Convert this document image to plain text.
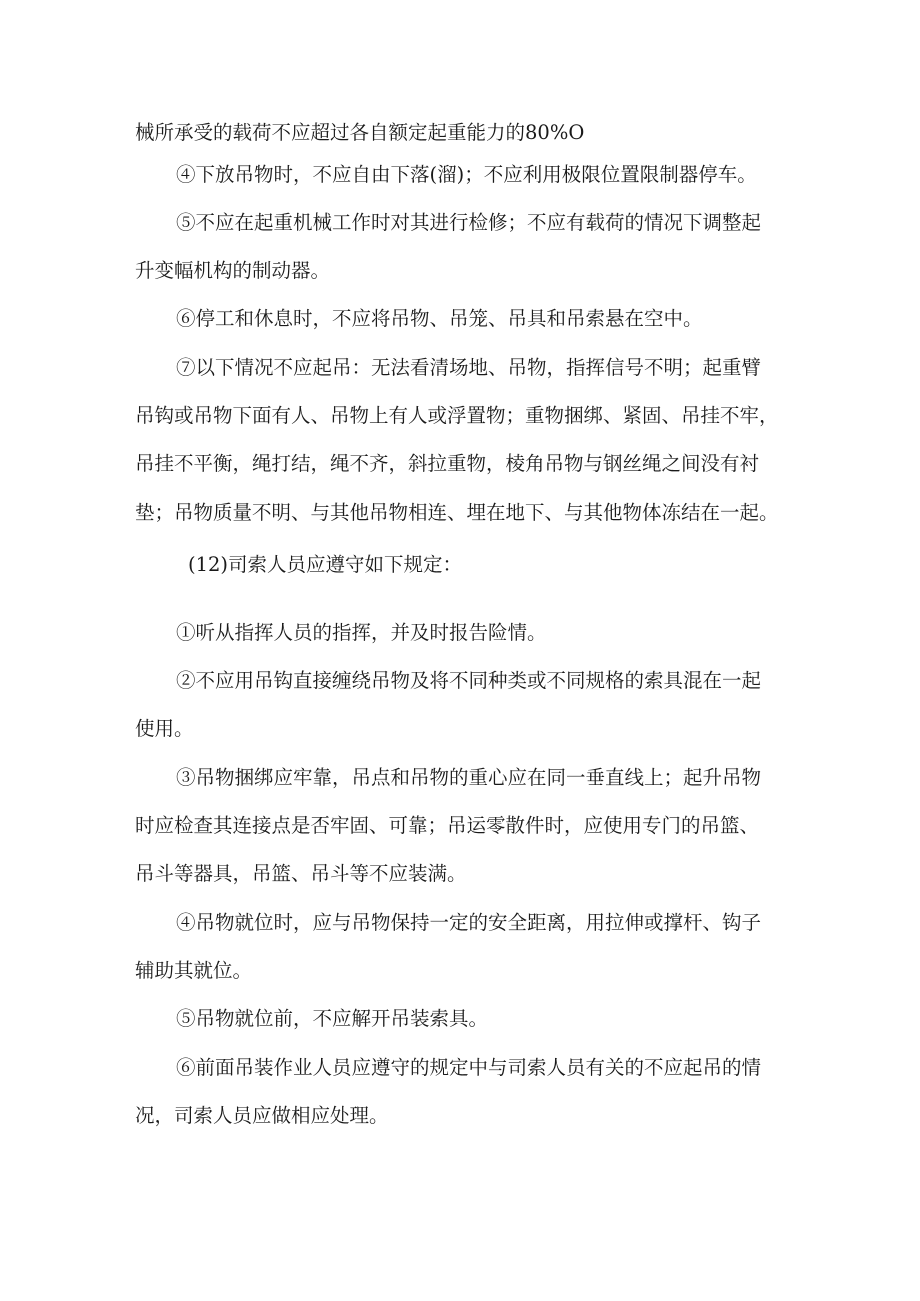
械所承受的载荷不应超过各自额定起重能力的80%O

④下放吊物时，不应自由下落(溜)；不应利用极限位置限制器停车。

⑤不应在起重机械工作时对其进行检修；不应有载荷的情况下调整起

升变幅机构的制动器。

⑥停工和休息时，不应将吊物、吊笼、吊具和吊索悬在空中。

⑦以下情况不应起吊：无法看清场地、吊物，指挥信号不明；起重臂

吊钩或吊物下面有人、吊物上有人或浮置物；重物捆绑、紧固、吊挂不牢，

吊挂不平衡，绳打结，绳不齐，斜拉重物，棱角吊物与钢丝绳之间没有衬

垫；吊物质量不明、与其他吊物相连、埋在地下、与其他物体冻结在一起。

(12)司索人员应遵守如下规定：

①听从指挥人员的指挥，并及时报告险情。

②不应用吊钩直接缠绕吊物及将不同种类或不同规格的索具混在一起

使用。

③吊物捆绑应牢靠，吊点和吊物的重心应在同一垂直线上；起升吊物

时应检查其连接点是否牢固、可靠；吊运零散件时，应使用专门的吊篮、

吊斗等器具，吊篮、吊斗等不应装满。

④吊物就位时，应与吊物保持一定的安全距离，用拉伸或撑杆、钩子

辅助其就位。

⑤吊物就位前，不应解开吊装索具。

⑥前面吊装作业人员应遵守的规定中与司索人员有关的不应起吊的情

况，司索人员应做相应处理。
